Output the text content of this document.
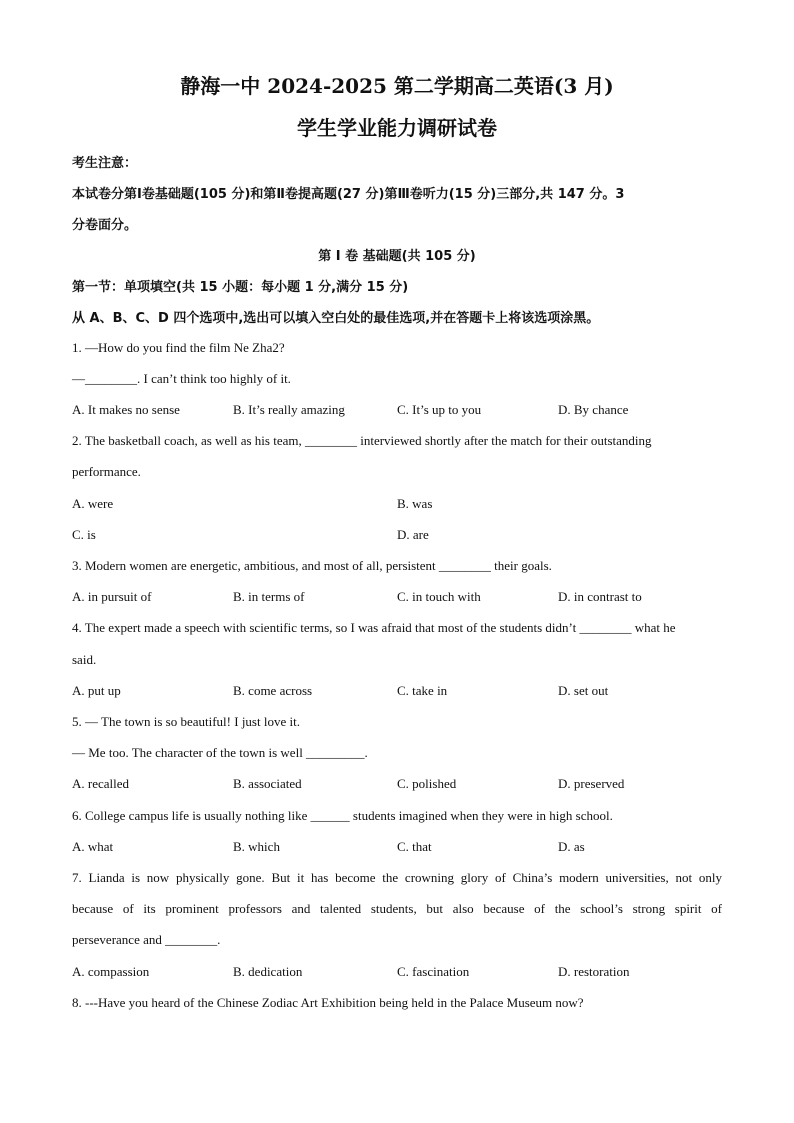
静海一中 2024-2025 第二学期高二英语(3 月)
学生学业能力调研试卷
考生注意：
本试卷分第Ⅰ卷基础题(105 分)和第Ⅱ卷提高题(27 分)第Ⅲ卷听力(15 分)三部分,共 147 分。3
分卷面分。
第 Ⅰ 卷 基础题(共 105 分)
第一节：单项填空(共 15 小题：每小题 1 分,满分 15 分)
从 A、B、C、D 四个选项中,选出可以填入空白处的最佳选项,并在答题卡上将该选项涂黑。
1. —How do you find the film Ne Zha2?
—________. I can’t think too highly of it.
A. It makes no sense	B. It’s really amazing	C. It’s up to you	D. By chance
2. The basketball coach, as well as his team, ________ interviewed shortly after the match for their outstanding
performance.
A. were	B. was
C. is	D. are
3. Modern women are energetic, ambitious, and most of all, persistent ________ their goals.
A. in pursuit of	B. in terms of	C. in touch with	D. in contrast to
4. The expert made a speech with scientific terms, so I was afraid that most of the students didn’t ________ what he
said.
A. put up	B. come across	C. take in	D. set out
5. — The town is so beautiful! I just love it.
— Me too. The character of the town is well _________.
A. recalled	B. associated	C. polished	D. preserved
6. College campus life is usually nothing like ______ students imagined when they were in high school.
A. what	B. which	C. that	D. as
7. Lianda is now physically gone. But it has become the crowning glory of China’s modern universities, not only
because of its prominent professors and talented students, but also because of the school’s strong spirit of
perseverance and ________.
A. compassion	B. dedication	C. fascination	D. restoration
8. ---Have you heard of the Chinese Zodiac Art Exhibition being held in the Palace Museum now?
